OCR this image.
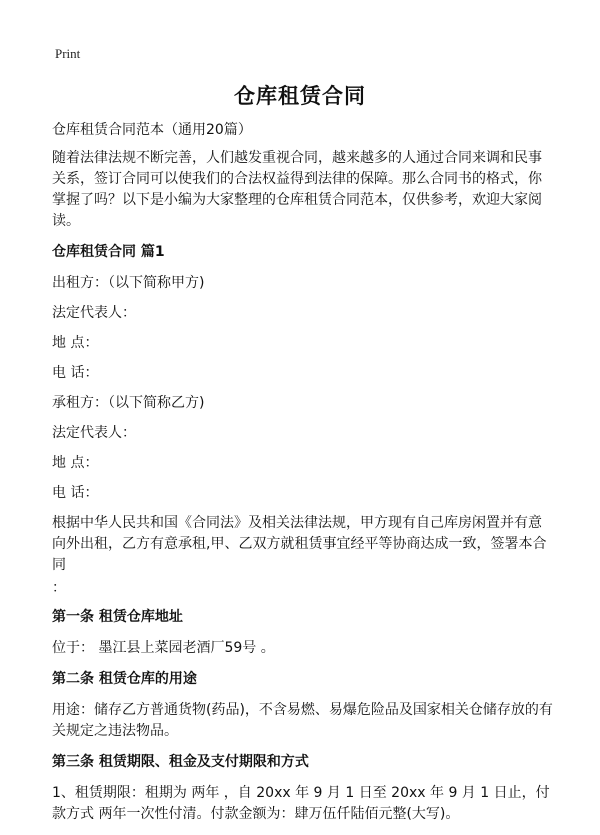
Print
仓库租赁合同

仓库租赁合同范本（通用20篇）

随着法律法规不断完善，人们越发重视合同，越来越多的人通过合同来调和民事关系，签订合同可以使我们的合法权益得到法律的保障。那么合同书的格式，你掌握了吗？以下是小编为大家整理的仓库租赁合同范本，仅供参考，欢迎大家阅读。

仓库租赁合同 篇1

出租方：（以下简称甲方)

法定代表人：

地 点：

电 话：

承租方：（以下简称乙方)

法定代表人：

地 点：

电 话：

根据中华人民共和国《合同法》及相关法律法规，甲方现有自己库房闲置并有意向外出租，乙方有意承租,甲、乙双方就租赁事宜经平等协商达成一致，签署本合同

：

第一条 租赁仓库地址

位于： 墨江县上菜园老酒厂59号 。

第二条 租赁仓库的用途

用途：储存乙方普通货物(药品)，不含易燃、易爆危险品及国家相关仓储存放的有关规定之违法物品。

第三条 租赁期限、租金及支付期限和方式

1、租赁期限：租期为 两年 ，自 20xx 年 9 月 1 日至 20xx 年 9 月 1 日止，付款方式 两年一次性付清。付款金额为：肆万伍仟陆佰元整(大写)。
